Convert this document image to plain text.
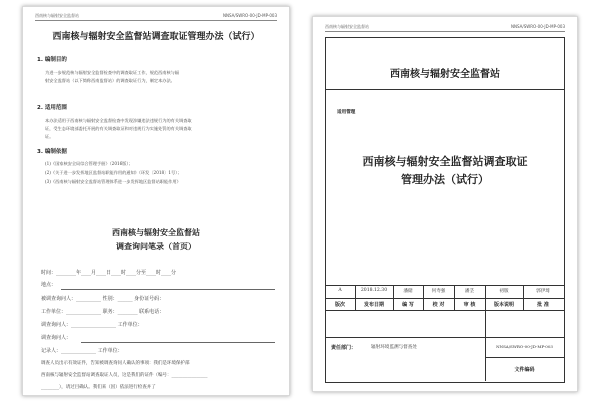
酉南核与辐射安全监督站	NNSA/SWRO-00-JD-MP-003
西南核与辐射安全监督站调查取证管理办法（试行）
1. 编制目的
为进一步规范核与辐射安全监督检查中的调查取证工作，规范西南核与辐
射安全监督站（以下简称西南监督站）的调查取证行为，制定本办法。
2. 适用范围
本办法适用于西南核与辐射安全监督检查中发现涉嫌违法违规行为的有关调查取
证，受生态环境部委托开展的有关调查取证和对违规行为实施处罚的有关调查取
证。
3. 编制依据
(1)《国家核安全局综合管理手册》（2016版）；
(2)《关于进一步发挥地区监督站职能作用的通知》（环发〔2018〕1号）；
(3)《西南核与辐射安全监督站管理体系进一步发挥地区监督站职能作用》
西南核与辐射安全监督站
调查询问笔录（首页）
时间：________年____月____日____时____分至____时____分
地点：
被调查询问人：__________ 性别：______ 身份证号码：
工作单位：______________ 职务：________ 联系电话：
调查询问人：__________________ 工作单位：
调查询问人：
记录人：______________ 工作单位：
调查人员出示有效证件，告知被调查询问人确认的事项：我们是环境保护部
西南核与辐射安全监督站调查取证人员，这是我们的证件（编号：________________
________），请过目确认。我们来（因）依法进行检查并了
西南核与辐射安全监督站	NNSA/SWRO-00-JD-MP-003
西南核与辐射安全监督站
适用管理
西南核与辐射安全监督站调查取证
管理办法（试行）
A	2018.12.30	潘储	何寿强	潘茎	初版	郭伊琦
版次	发布日期	编 写	校 对	审 核	版本说明	批 准
责任部门：	辐射环境监测与督查处	NNSA/SWRO-00-JD-MP-003
文件编码
